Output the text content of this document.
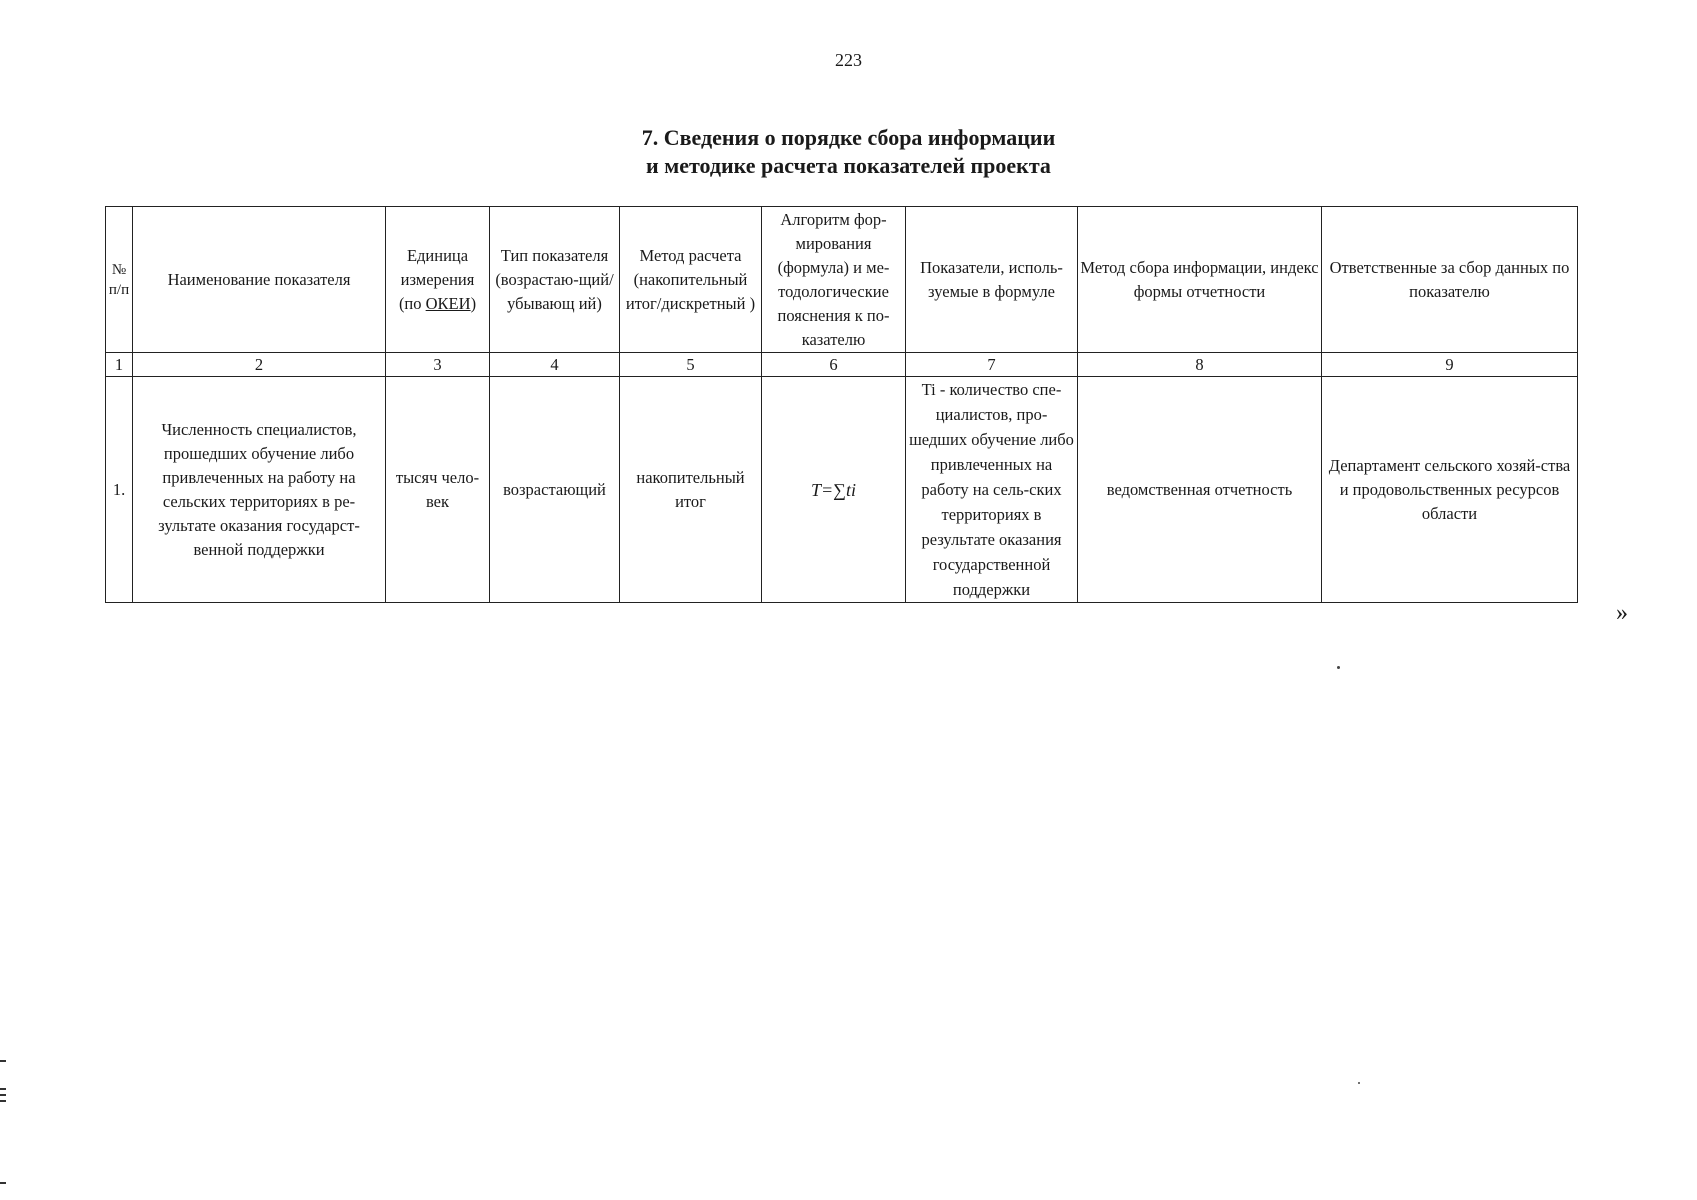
223
7. Сведения о порядке сбора информации
и методике расчета показателей проекта
№ п/п	Наименование показателя	Единица измерения (по ОКЕИ)	Тип показателя (возрастаю-щий/убывающ ий)	Метод расчета (накопительный итог/дискретный )	Алгоритм фор-мирования (формула) и ме-тодологические пояснения к по-казателю	Показатели, исполь-зуемые в формуле	Метод сбора информации, индекс формы отчетности	Ответственные за сбор данных по показателю
1	2	3	4	5	6	7	8	9
1.	Численность специалистов, прошедших обучение либо привлеченных на работу на сельских территориях в ре-зультате оказания государст-венной поддержки	тысяч чело-век	возрастающий	накопительный итог	T=∑ti	Ti - количество спе-циалистов, про-шедших обучение либо привлеченных на работу на сель-ских территориях в результате оказания государственной поддержки	ведомственная отчетность	Департамент сельского хозяй-ства и продовольственных ресурсов области
»
